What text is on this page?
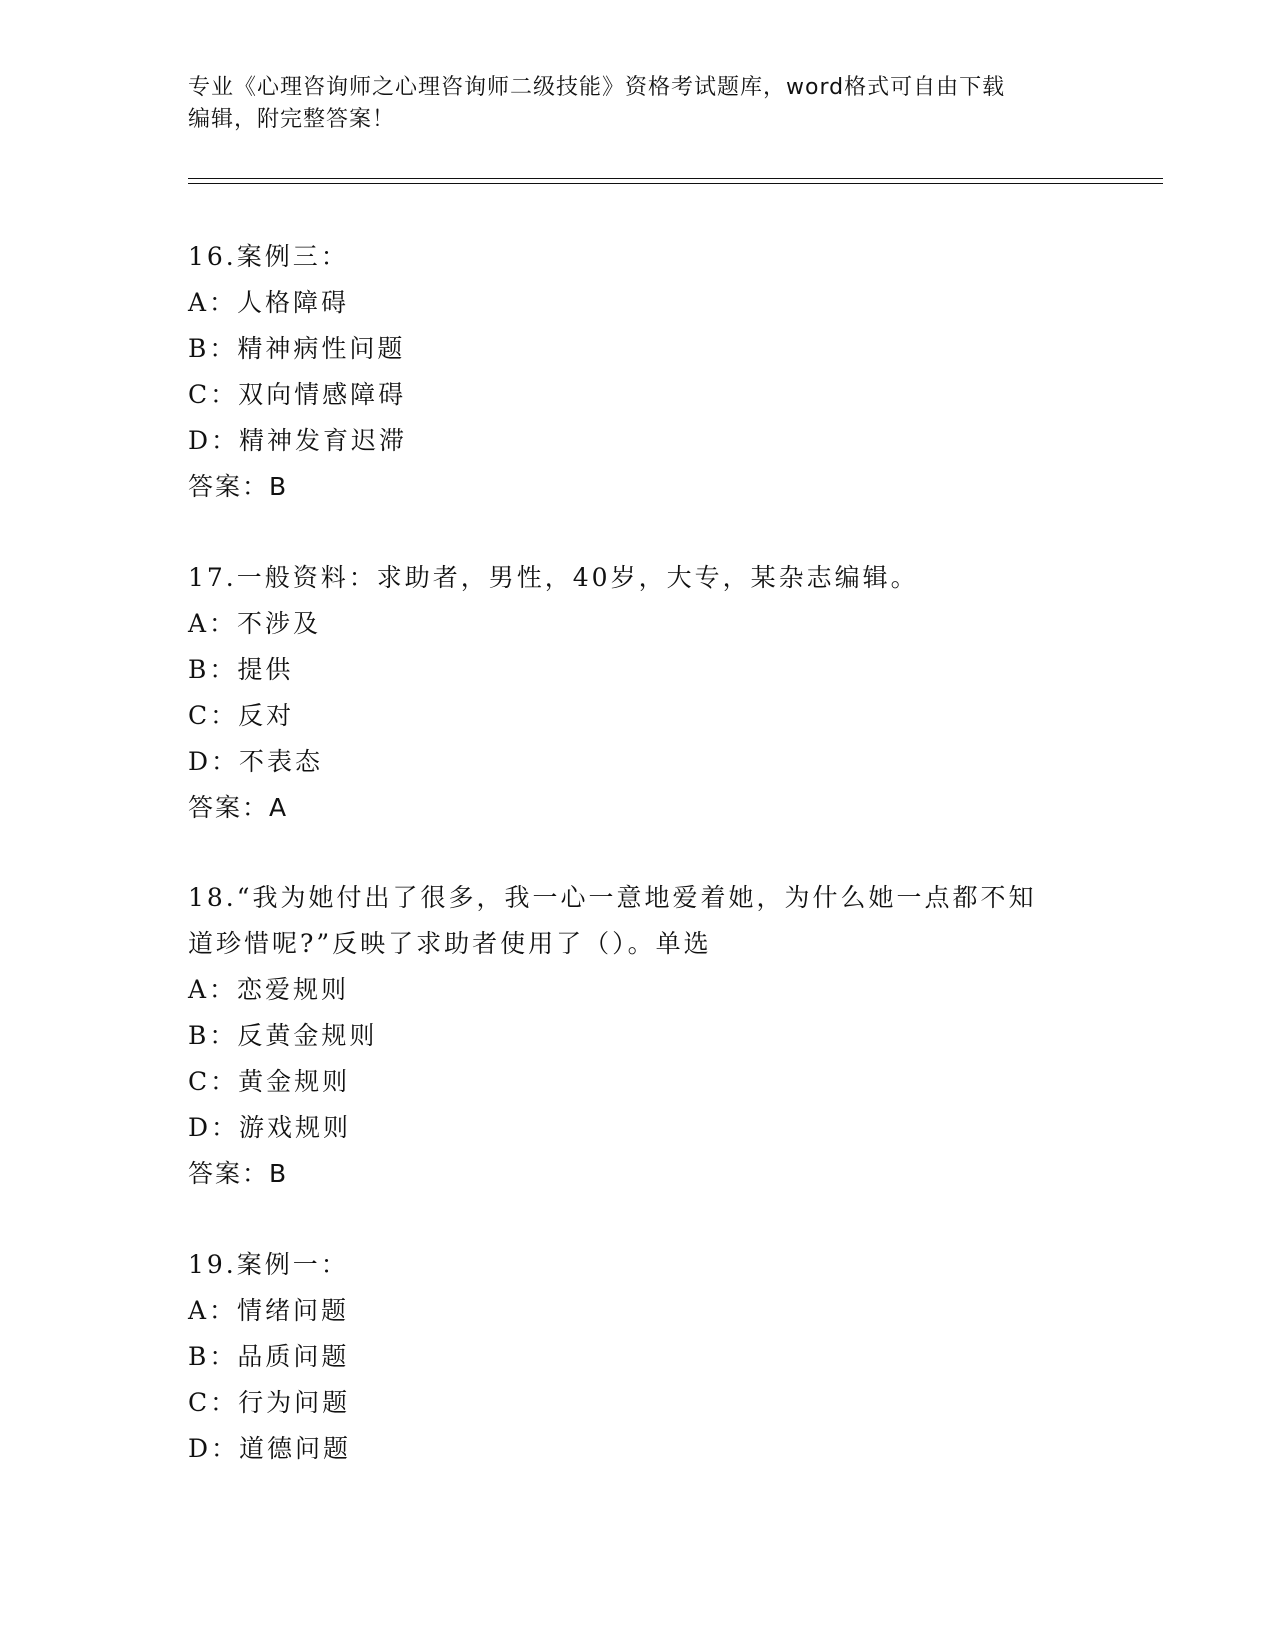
专业《心理咨询师之心理咨询师二级技能》资格考试题库，word格式可自由下载
编辑，附完整答案！
16.案例三：
A：人格障碍
B：精神病性问题
C：双向情感障碍
D：精神发育迟滞
答案：B
17.一般资料：求助者，男性，40岁，大专，某杂志编辑。
A：不涉及
B：提供
C：反对
D：不表态
答案：A
18.“我为她付出了很多，我一心一意地爱着她，为什么她一点都不知
道珍惜呢?”反映了求助者使用了（）。单选
A：恋爱规则
B：反黄金规则
C：黄金规则
D：游戏规则
答案：B
19.案例一：
A：情绪问题
B：品质问题
C：行为问题
D：道德问题
